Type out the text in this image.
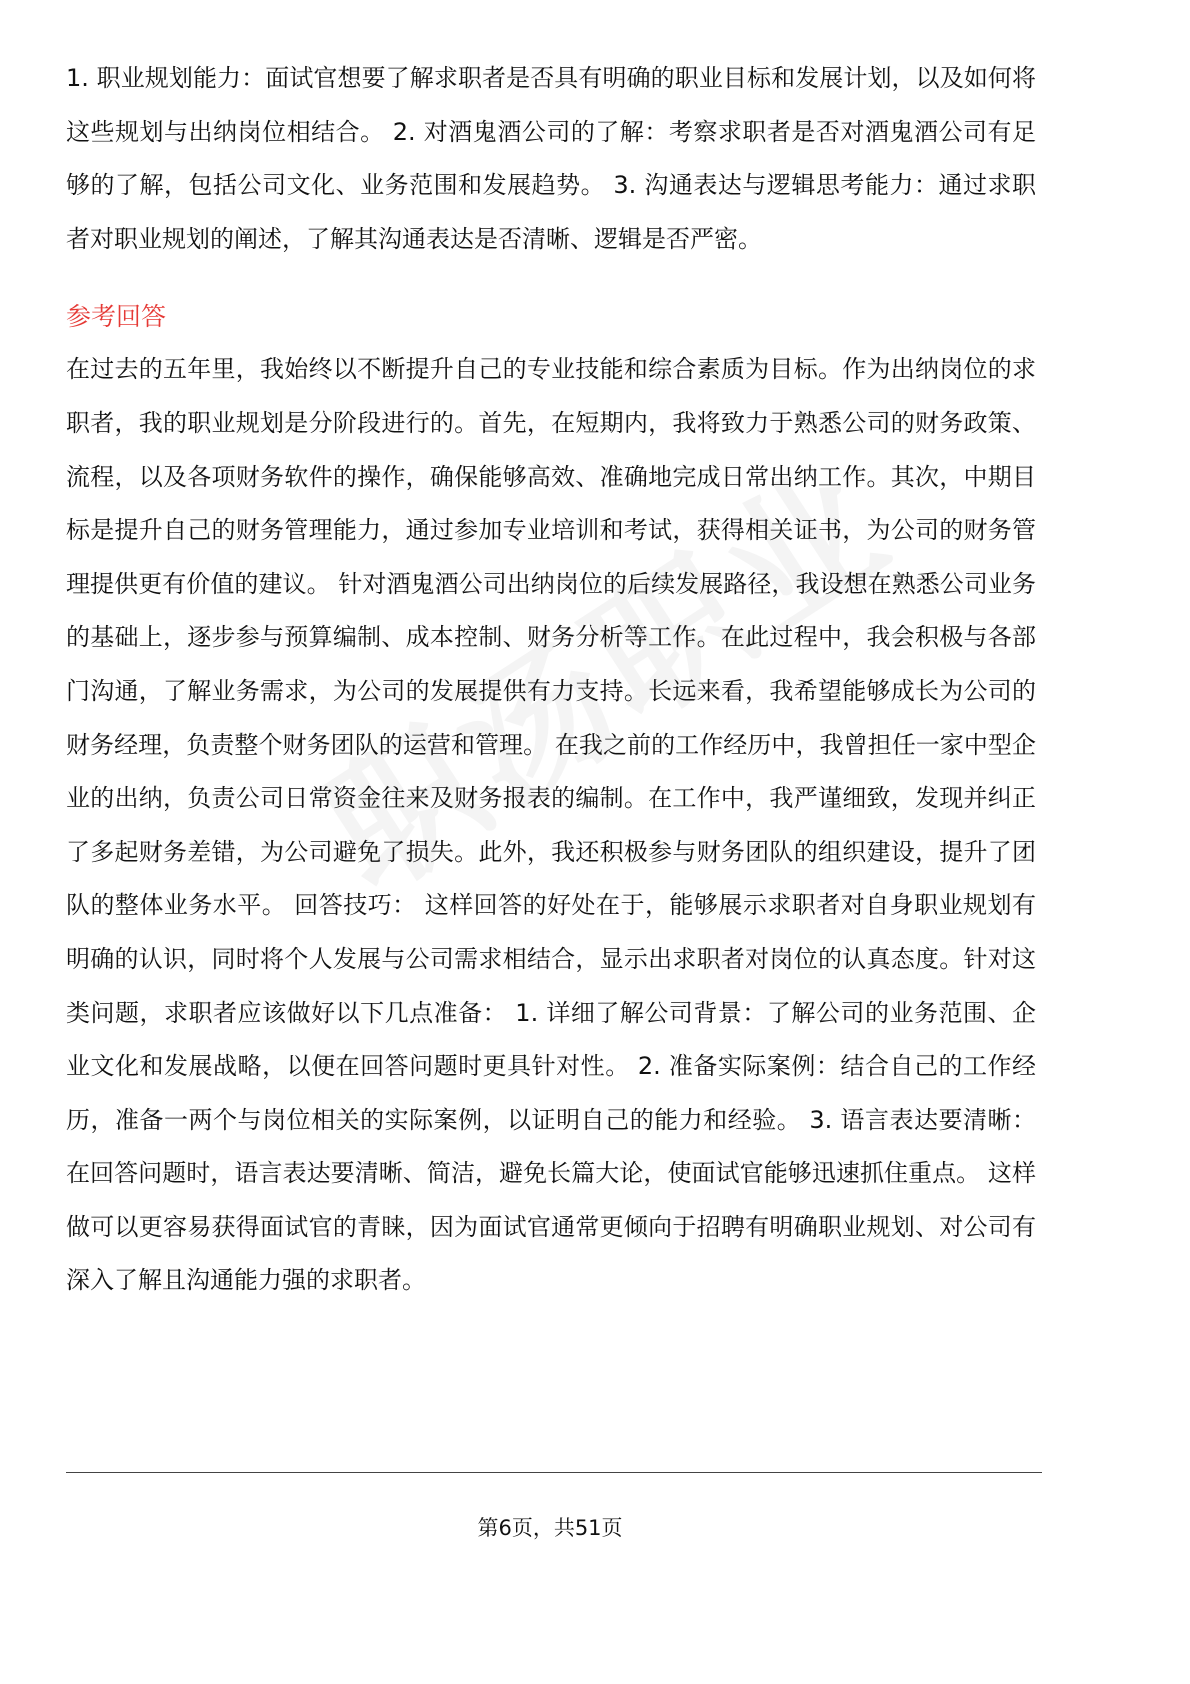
1. 职业规划能力：面试官想要了解求职者是否具有明确的职业目标和发展计划，以及如何将这些规划与出纳岗位相结合。 2. 对酒鬼酒公司的了解：考察求职者是否对酒鬼酒公司有足够的了解，包括公司文化、业务范围和发展趋势。 3. 沟通表达与逻辑思考能力：通过求职者对职业规划的阐述，了解其沟通表达是否清晰、逻辑是否严密。

参考回答

在过去的五年里，我始终以不断提升自己的专业技能和综合素质为目标。作为出纳岗位的求职者，我的职业规划是分阶段进行的。首先，在短期内，我将致力于熟悉公司的财务政策、流程，以及各项财务软件的操作，确保能够高效、准确地完成日常出纳工作。其次，中期目标是提升自己的财务管理能力，通过参加专业培训和考试，获得相关证书，为公司的财务管理提供更有价值的建议。 针对酒鬼酒公司出纳岗位的后续发展路径，我设想在熟悉公司业务的基础上，逐步参与预算编制、成本控制、财务分析等工作。在此过程中，我会积极与各部门沟通，了解业务需求，为公司的发展提供有力支持。长远来看，我希望能够成长为公司的财务经理，负责整个财务团队的运营和管理。 在我之前的工作经历中，我曾担任一家中型企业的出纳，负责公司日常资金往来及财务报表的编制。在工作中，我严谨细致，发现并纠正了多起财务差错，为公司避免了损失。此外，我还积极参与财务团队的组织建设，提升了团队的整体业务水平。 回答技巧： 这样回答的好处在于，能够展示求职者对自身职业规划有明确的认识，同时将个人发展与公司需求相结合，显示出求职者对岗位的认真态度。针对这类问题，求职者应该做好以下几点准备： 1. 详细了解公司背景：了解公司的业务范围、企业文化和发展战略，以便在回答问题时更具针对性。 2. 准备实际案例：结合自己的工作经历，准备一两个与岗位相关的实际案例，以证明自己的能力和经验。 3. 语言表达要清晰：在回答问题时，语言表达要清晰、简洁，避免长篇大论，使面试官能够迅速抓住重点。 这样做可以更容易获得面试官的青睐，因为面试官通常更倾向于招聘有明确职业规划、对公司有深入了解且沟通能力强的求职者。

第6页，共51页
